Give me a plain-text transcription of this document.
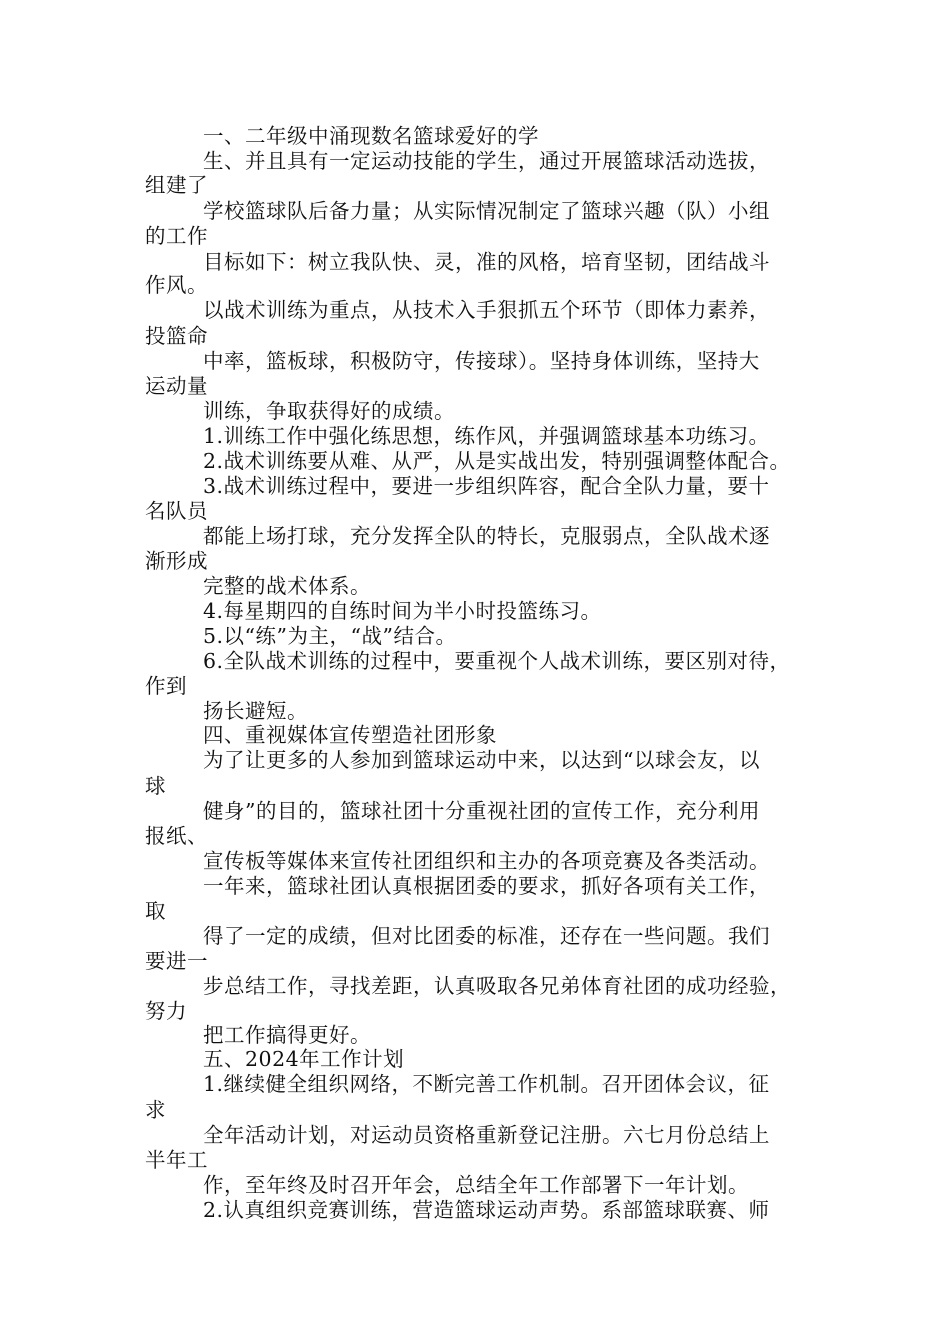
一、二年级中涌现数名篮球爱好的学
生、并且具有一定运动技能的学生，通过开展篮球活动选拔，
组建了
学校篮球队后备力量；从实际情况制定了篮球兴趣（队）小组
的工作
目标如下：树立我队快、灵，准的风格，培育坚韧，团结战斗
作风。
以战术训练为重点，从技术入手狠抓五个环节（即体力素养，
投篮命
中率，篮板球，积极防守，传接球）。坚持身体训练，坚持大
运动量
训练，争取获得好的成绩。
1.训练工作中强化练思想，练作风，并强调篮球基本功练习。
2.战术训练要从难、从严，从是实战出发，特别强调整体配合。
3.战术训练过程中，要进一步组织阵容，配合全队力量，要十
名队员
都能上场打球，充分发挥全队的特长，克服弱点，全队战术逐
渐形成
完整的战术体系。
4.每星期四的自练时间为半小时投篮练习。
5.以“练”为主，“战”结合。
6.全队战术训练的过程中，要重视个人战术训练，要区别对待，
作到
扬长避短。
四、重视媒体宣传塑造社团形象
为了让更多的人参加到篮球运动中来，以达到“以球会友，以
球
健身”的目的，篮球社团十分重视社团的宣传工作，充分利用
报纸、
宣传板等媒体来宣传社团组织和主办的各项竞赛及各类活动。
一年来，篮球社团认真根据团委的要求，抓好各项有关工作，
取
得了一定的成绩，但对比团委的标准，还存在一些问题。我们
要进一
步总结工作，寻找差距，认真吸取各兄弟体育社团的成功经验，
努力
把工作搞得更好。
五、2024年工作计划
1.继续健全组织网络，不断完善工作机制。召开团体会议，征
求
全年活动计划，对运动员资格重新登记注册。六七月份总结上
半年工
作，至年终及时召开年会，总结全年工作部署下一年计划。
2.认真组织竞赛训练，营造篮球运动声势。系部篮球联赛、师
